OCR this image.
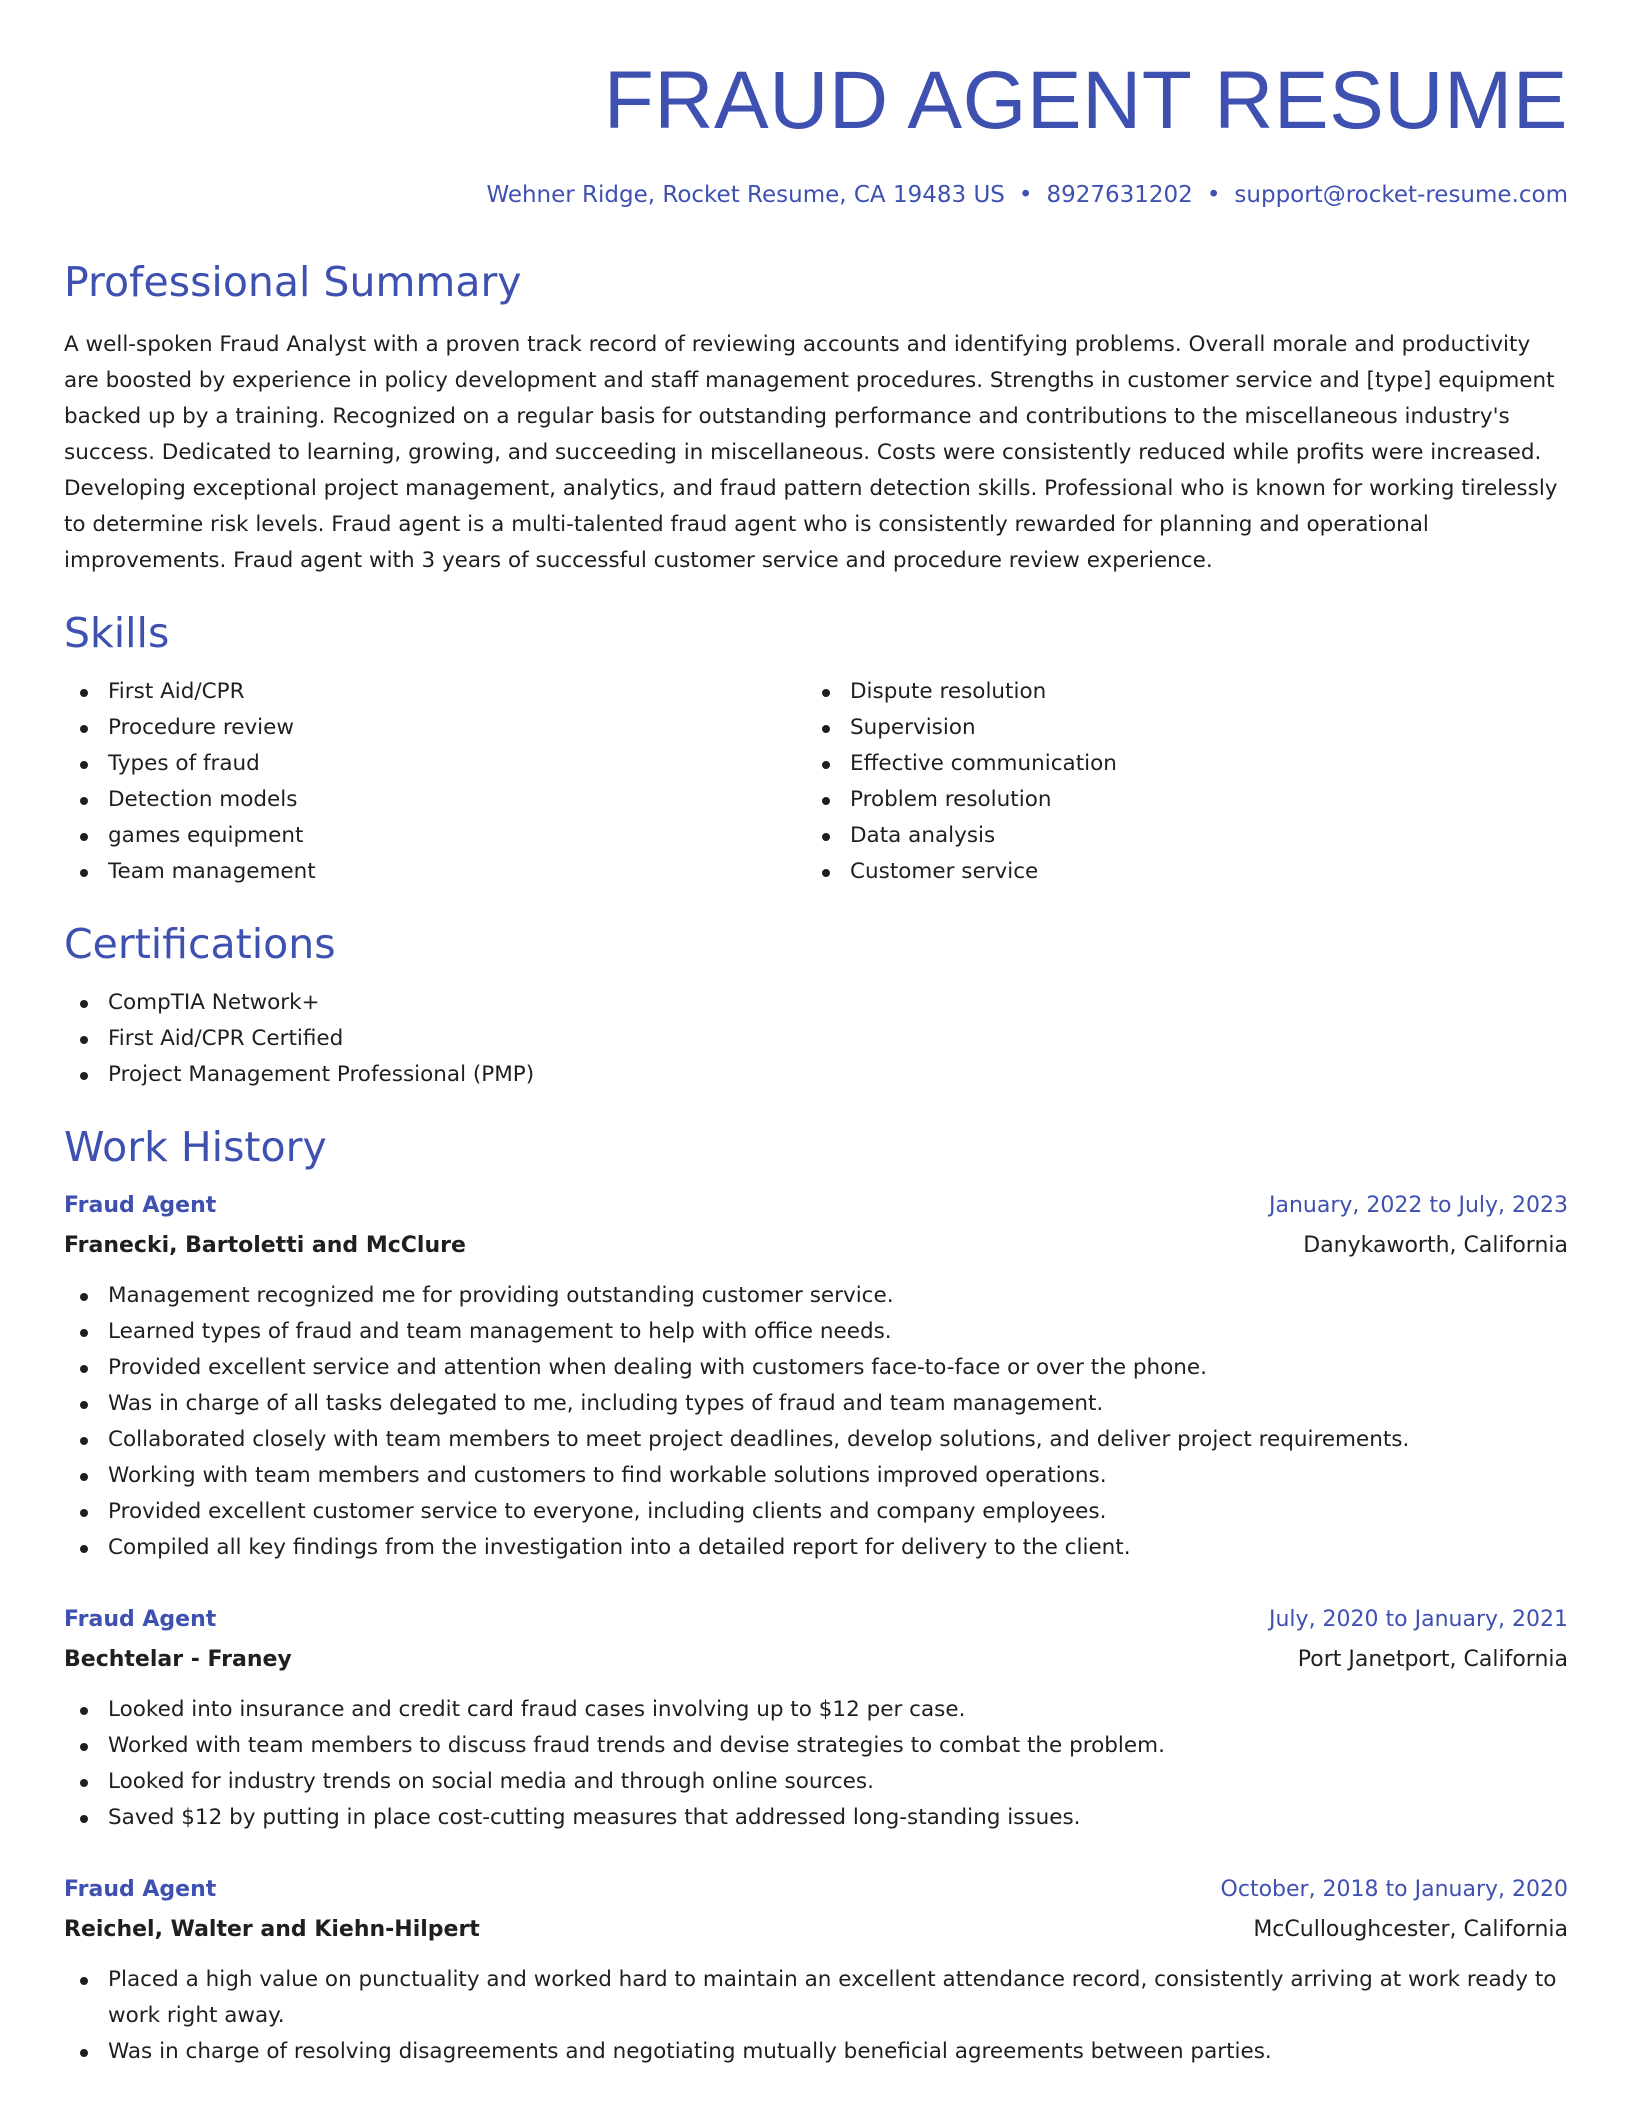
FRAUD AGENT RESUME
Wehner Ridge, Rocket Resume, CA 19483 US • 8927631202 • support@rocket-resume.com
Professional Summary

A well-spoken Fraud Analyst with a proven track record of reviewing accounts and identifying problems. Overall morale and productivity are boosted by experience in policy development and staff management procedures. Strengths in customer service and [type] equipment backed up by a training. Recognized on a regular basis for outstanding performance and contributions to the miscellaneous industry's success. Dedicated to learning, growing, and succeeding in miscellaneous. Costs were consistently reduced while profits were increased. Developing exceptional project management, analytics, and fraud pattern detection skills. Professional who is known for working tirelessly to determine risk levels. Fraud agent is a multi-talented fraud agent who is consistently rewarded for planning and operational improvements. Fraud agent with 3 years of successful customer service and procedure review experience.

Skills
First Aid/CPR
Procedure review
Types of fraud
Detection models
games equipment
Team management
Dispute resolution
Supervision
Effective communication
Problem resolution
Data analysis
Customer service
Certifications
CompTIA Network+
First Aid/CPR Certified
Project Management Professional (PMP)
Work History
Fraud Agent	January, 2022 to July, 2023
Franecki, Bartoletti and McClure	Danykaworth, California
Management recognized me for providing outstanding customer service.
Learned types of fraud and team management to help with office needs.
Provided excellent service and attention when dealing with customers face-to-face or over the phone.
Was in charge of all tasks delegated to me, including types of fraud and team management.
Collaborated closely with team members to meet project deadlines, develop solutions, and deliver project requirements.
Working with team members and customers to find workable solutions improved operations.
Provided excellent customer service to everyone, including clients and company employees.
Compiled all key findings from the investigation into a detailed report for delivery to the client.
Fraud Agent	July, 2020 to January, 2021
Bechtelar - Franey	Port Janetport, California
Looked into insurance and credit card fraud cases involving up to $12 per case.
Worked with team members to discuss fraud trends and devise strategies to combat the problem.
Looked for industry trends on social media and through online sources.
Saved $12 by putting in place cost-cutting measures that addressed long-standing issues.
Fraud Agent	October, 2018 to January, 2020
Reichel, Walter and Kiehn-Hilpert	McCulloughcester, California
Placed a high value on punctuality and worked hard to maintain an excellent attendance record, consistently arriving at work ready to work right away.
Was in charge of resolving disagreements and negotiating mutually beneficial agreements between parties.
